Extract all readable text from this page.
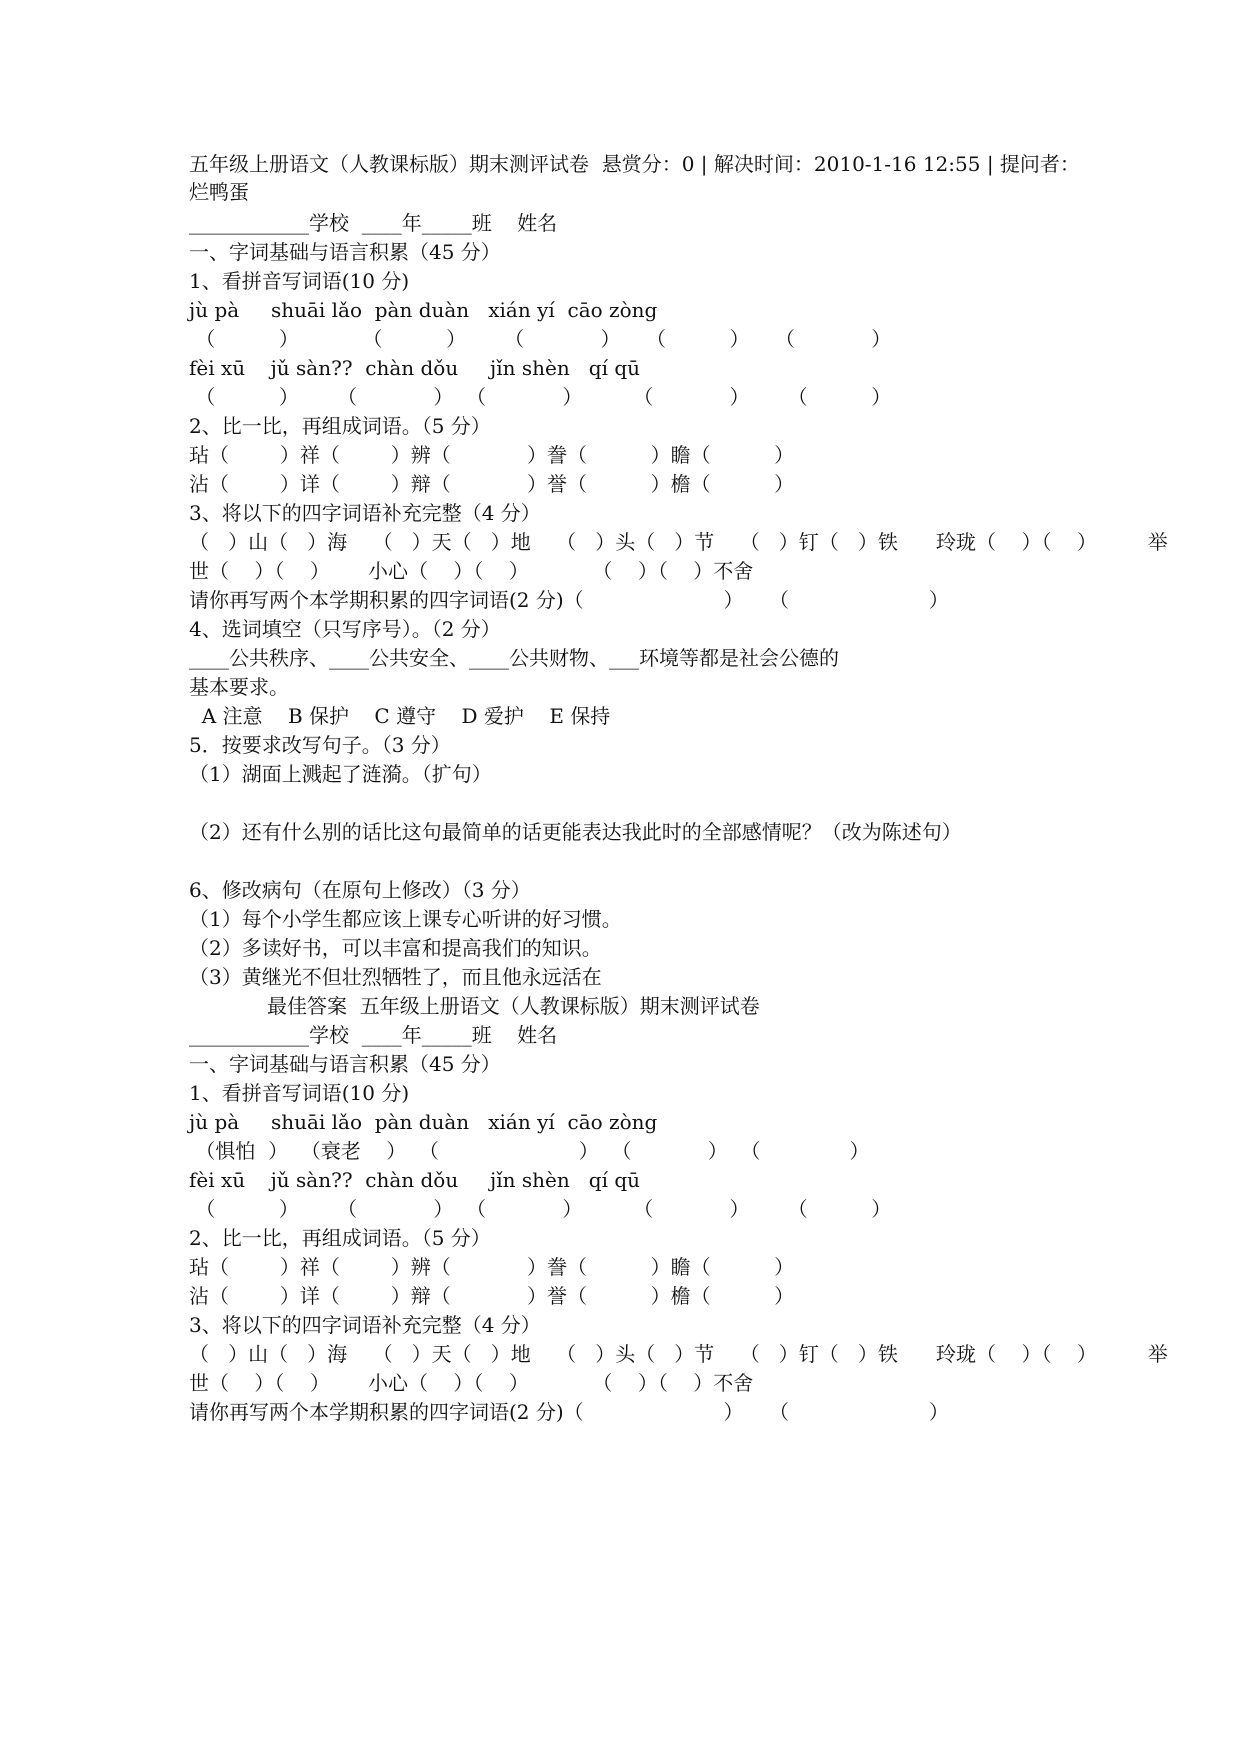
五年级上册语文（人教课标版）期末测评试卷  悬赏分：0 | 解决时间：2010-1-16 12:55 | 提问者：
烂鸭蛋
____________学校  ____年_____班    姓名
一、字词基础与语言积累（45 分）
1、看拼音写词语(10 分)
jù pà     shuāi lǎo  pàn duàn   xián yí  cāo zòng
（          ）          （          ）      （            ）    （          ）    （            ）
fèi xū    jǔ sàn??  chàn dǒu     jǐn shèn   qí qū
（          ）      （            ）  （            ）        （            ）      （          ）
2、比一比，再组成词语。（5 分）
玷（        ）祥（        ）辨（            ）誊（          ）瞻（          ）
沾（        ）详（        ）辩（            ）誉（          ）檐（          ）
3、将以下的四字词语补充完整（4 分）
（   ）山（   ）海    （   ）天（   ）地    （   ）头（   ）节    （   ）钉（   ）铁      玲珑（    ）（    ）        举
世（    ）（    ）      小心（    ）（    ）          （    ）（    ）不舍
请你再写两个本学期积累的四字词语(2 分)（                      ）    （                      ）
4、选词填空（只写序号）。（2 分）
____公共秩序、____公共安全、____公共财物、___环境等都是社会公德的
基本要求。
A 注意    B 保护    C 遵守    D 爱护    E 保持
5．按要求改写句子。（3 分）
（1）湖面上溅起了涟漪。（扩句）
（2）还有什么别的话比这句最简单的话更能表达我此时的全部感情呢？（改为陈述句）
6、修改病句（在原句上修改）（3 分）
（1）每个小学生都应该上课专心听讲的好习惯。
（2）多读好书，可以丰富和提高我们的知识。
（3）黄继光不但壮烈牺牲了，而且他永远活在
最佳答案  五年级上册语文（人教课标版）期末测评试卷
____________学校  ____年_____班    姓名
一、字词基础与语言积累（45 分）
1、看拼音写词语(10 分)
jù pà     shuāi lǎo  pàn duàn   xián yí  cāo zòng
（惧怕  ）  （衰老    ）  （                      ）  （            ）  （              ）
fèi xū    jǔ sàn??  chàn dǒu     jǐn shèn   qí qū
（          ）      （            ）  （            ）        （            ）      （          ）
2、比一比，再组成词语。（5 分）
玷（        ）祥（        ）辨（            ）誊（          ）瞻（          ）
沾（        ）详（        ）辩（            ）誉（          ）檐（          ）
3、将以下的四字词语补充完整（4 分）
（   ）山（   ）海    （   ）天（   ）地    （   ）头（   ）节    （   ）钉（   ）铁      玲珑（    ）（    ）        举
世（    ）（    ）      小心（    ）（    ）          （    ）（    ）不舍
请你再写两个本学期积累的四字词语(2 分)（                      ）    （                      ）
